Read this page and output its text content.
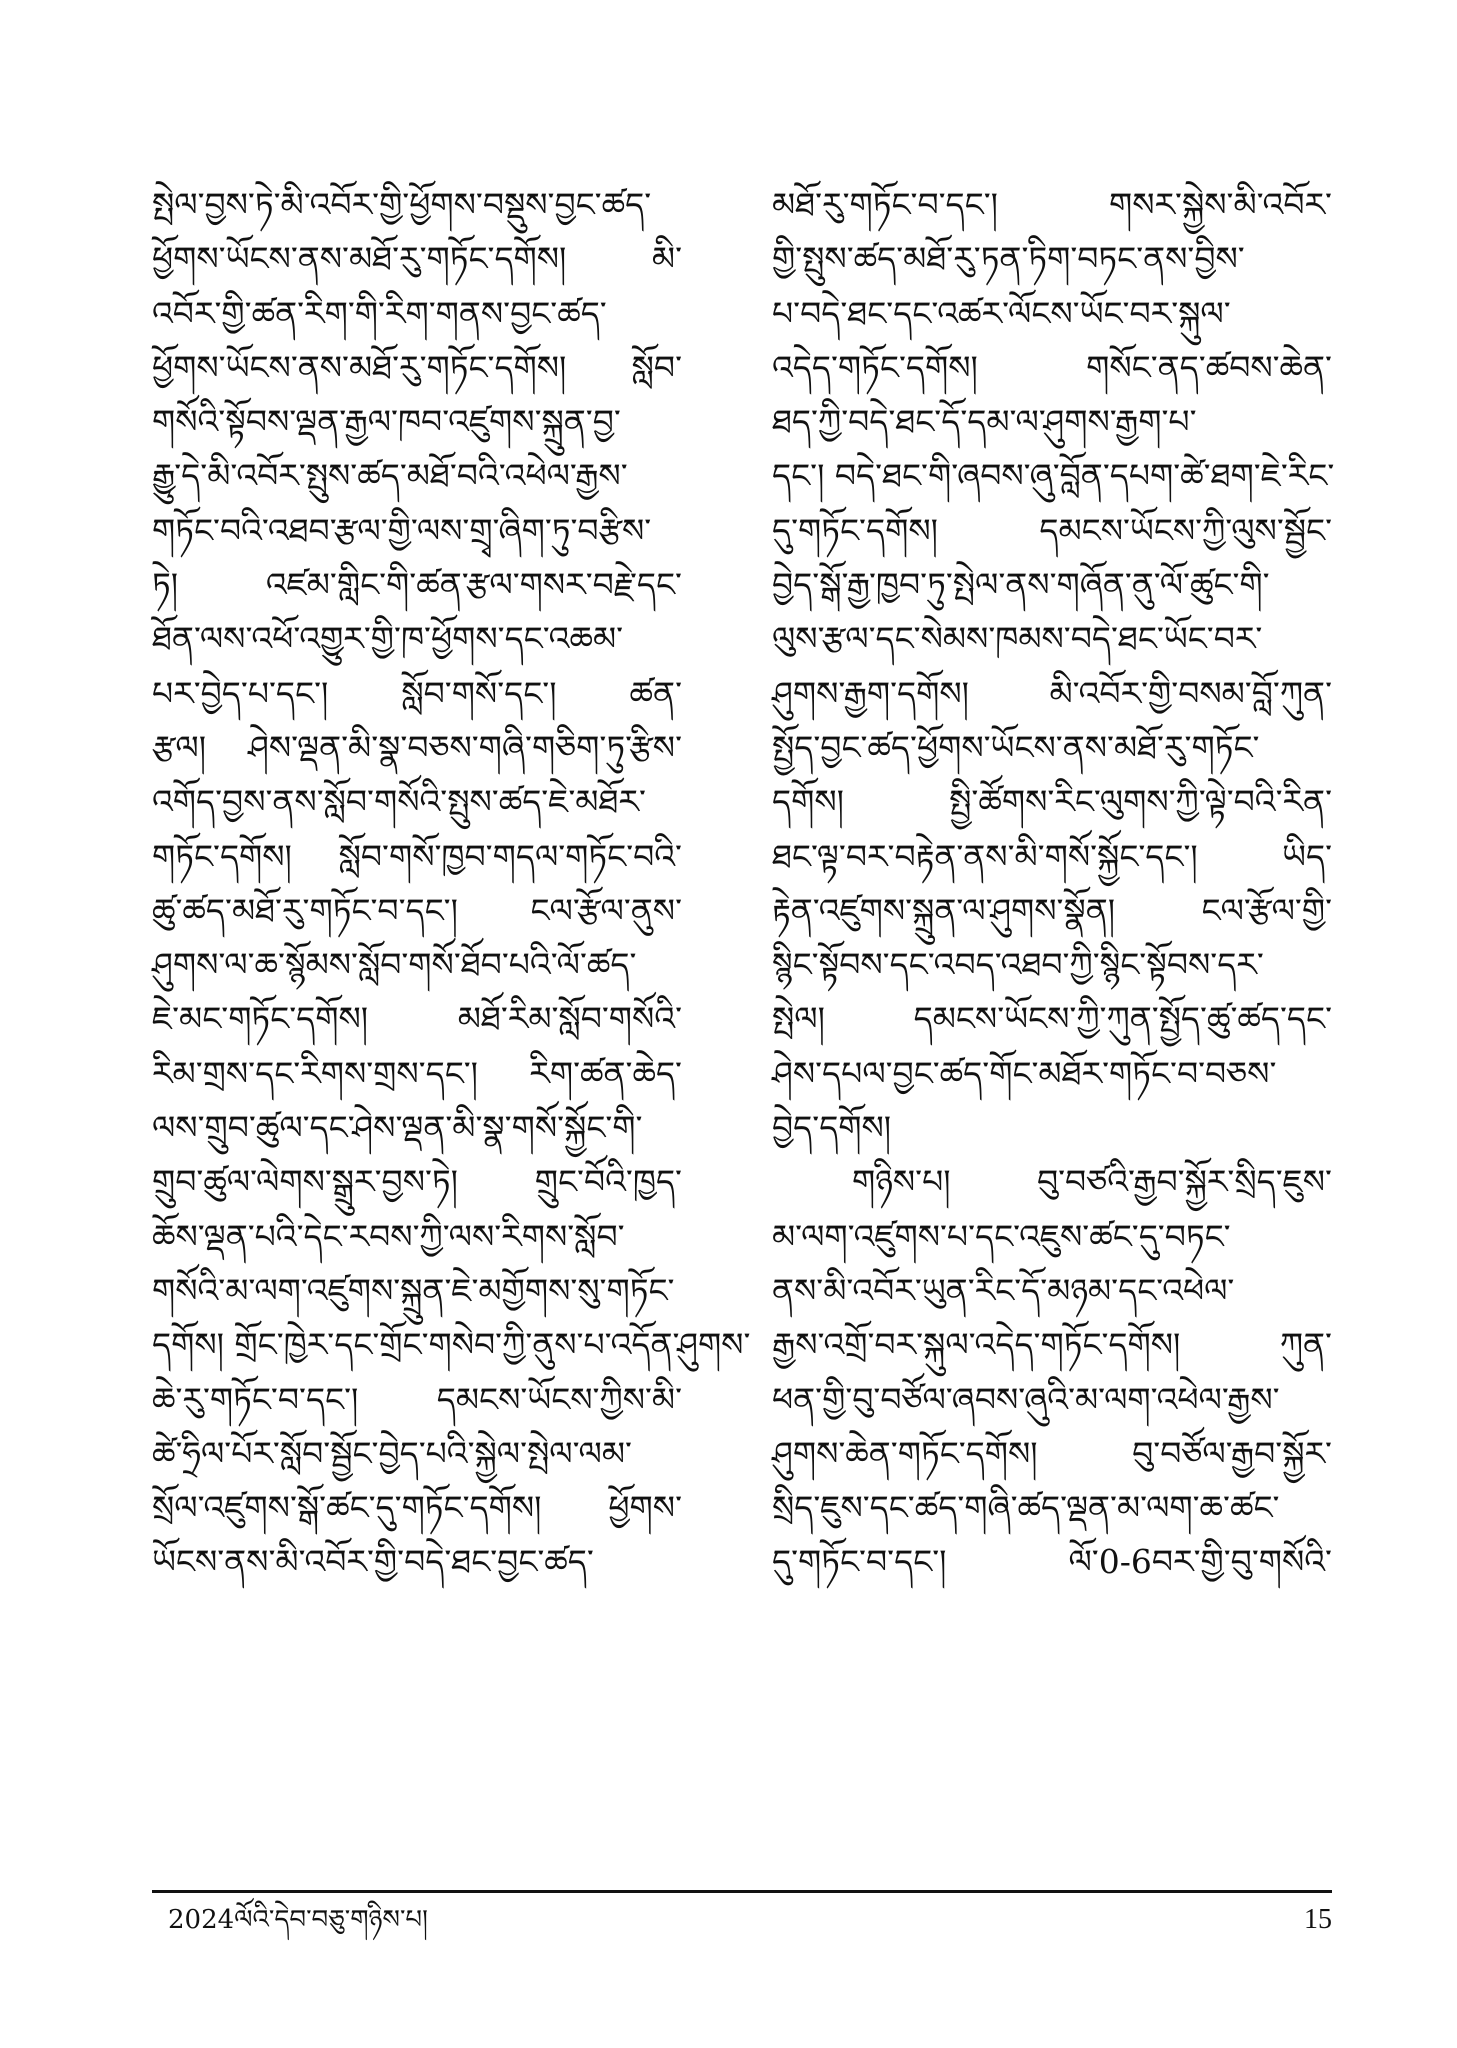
སྤེལ་བྱས་ཏེ་མི་འབོར་གྱི་ཕྱོགས་བསྡུས་བྱང་ཚད་
ཕྱོགས་ཡོངས་ནས་མཐོ་རུ་གཏོང་དགོས། མི་
འབོར་གྱི་ཚན་རིག་གི་རིག་གནས་བྱང་ཚད་
ཕྱོགས་ཡོངས་ནས་མཐོ་རུ་གཏོང་དགོས། སློབ་
གསོའི་སྟོབས་ལྡན་རྒྱལ་ཁབ་འཛུགས་སྐྲུན་བྱ་
རྒྱུ་དེ་མི་འབོར་སྤུས་ཚད་མཐོ་བའི་འཕེལ་རྒྱས་
གཏོང་བའི་འཐབ་རྩལ་གྱི་ལས་གྲྭ་ཞིག་ཏུ་བརྩིས་
ཏེ། འཛམ་གླིང་གི་ཚན་རྩལ་གསར་བརྗེ་དང་
ཐོན་ལས་འཕོ་འགྱུར་གྱི་ཁ་ཕྱོགས་དང་འཆམ་
པར་བྱེད་པ་དང་། སློབ་གསོ་དང་། ཚན་
རྩལ། ཤེས་ལྡན་མི་སྣ་བཅས་གཞི་གཅིག་ཏུ་རྩིས་
འགོད་བྱས་ནས་སློབ་གསོའི་སྤུས་ཚད་ཇེ་མཐོར་
གཏོང་དགོས། སློབ་གསོ་ཁྱབ་གདལ་གཏོང་བའི་
ཚུ་ཚད་མཐོ་རུ་གཏོང་བ་དང་། ངལ་རྩོལ་ནུས་
ཤུགས་ལ་ཆ་སྙོམས་སློབ་གསོ་ཐོབ་པའི་ལོ་ཚད་
ཇེ་མང་གཏོང་དགོས། མཐོ་རིམ་སློབ་གསོའི་
རིམ་གྲས་དང་རིགས་གྲས་དང་། རིག་ཚན་ཆེད་
ལས་གྲུབ་ཚུལ་དང་ཤེས་ལྡན་མི་སྣ་གསོ་སྐྱོང་གི་
གྲུབ་ཚུལ་ལེགས་སྒྲུར་བྱས་ཏེ། གྲུང་བོའི་ཁྱད་
ཆོས་ལྡན་པའི་དེང་རབས་ཀྱི་ལས་རིགས་སློབ་
གསོའི་མ་ལག་འཛུགས་སྐྲུན་ཇེ་མགྱོགས་སུ་གཏོང་
དགོས། གྲོང་ཁྱེར་དང་གྲོང་གསེབ་ཀྱི་ནུས་པ་འདོན་ཤུགས་
ཆེ་རུ་གཏོང་བ་དང་། དམངས་ཡོངས་ཀྱིས་མི་
ཚེ་ཧྲིལ་པོར་སློབ་སྦྱོང་བྱེད་པའི་སྐྱེལ་སྤེལ་ལམ་
སྲོལ་འཛུགས་སྒོ་ཚང་དུ་གཏོང་དགོས། ཕྱོགས་
ཡོངས་ནས་མི་འབོར་གྱི་བདེ་ཐང་བྱང་ཚད་
མཐོ་རུ་གཏོང་བ་དང་། གསར་སྐྱེས་མི་འབོར་
གྱི་སྤུས་ཚད་མཐོ་རུ་ཏན་ཏིག་བཏང་ནས་བྱིས་
པ་བདེ་ཐང་དང་འཚར་ལོངས་ཡོང་བར་སྐུལ་
འདེད་གཏོང་དགོས། གསོང་ནད་ཚབས་ཆེན་
ཐད་ཀྱི་བདེ་ཐང་དོ་དམ་ལ་ཤུགས་རྒྱག་པ་
དང་། བདེ་ཐང་གི་ཞབས་ཞུ་བློན་དཔག་ཚེ་ཐག་ཇེ་རིང་
དུ་གཏོང་དགོས། དམངས་ཡོངས་ཀྱི་ལུས་སྦྱོང་
བྱེད་སྒོ་རྒྱ་ཁྱབ་ཏུ་སྤེལ་ནས་གཞོན་ནུ་ལོ་ཚུང་གི་
ལུས་རྩལ་དང་སེམས་ཁམས་བདེ་ཐང་ཡོང་བར་
ཤུགས་རྒྱག་དགོས། མི་འབོར་གྱི་བསམ་བློ་ཀུན་
སྤྱོད་བྱང་ཚད་ཕྱོགས་ཡོངས་ནས་མཐོ་རུ་གཏོང་
དགོས། སྤྱི་ཚོགས་རིང་ལུགས་ཀྱི་ལྟེ་བའི་རིན་
ཐང་ལྟ་བར་བརྟེན་ནས་མི་གསོ་སྐྱོང་དང་། ཡིད་
རྟེན་འཛུགས་སྐྲུན་ལ་ཤུགས་སྣོན། ངལ་རྩོལ་གྱི་
སྙིང་སྟོབས་དང་འབད་འཐབ་ཀྱི་སྙིང་སྟོབས་དར་
སྤེལ། དམངས་ཡོངས་ཀྱི་ཀུན་སྤྱོད་ཚུ་ཚད་དང་
ཤེས་དཔལ་བྱང་ཚད་གོང་མཐོར་གཏོང་བ་བཅས་
བྱེད་དགོས།
གཉིས་པ། བུ་བཙའི་རྒྱབ་སྐྱོར་སྲིད་ཇུས་
མ་ལག་འཛུགས་པ་དང་འཇུས་ཚང་དུ་བཏང་
ནས་མི་འབོར་ཡུན་རིང་དོ་མཉམ་དང་འཕེལ་
རྒྱས་འགྲོ་བར་སྐུལ་འདེད་གཏོང་དགོས། ཀུན་
ཕན་གྱི་བུ་བཙོལ་ཞབས་ཞུའི་མ་ལག་འཕེལ་རྒྱས་
ཤུགས་ཆེན་གཏོང་དགོས། བུ་བཙོལ་རྒྱབ་སྐྱོར་
སྲིད་ཇུས་དང་ཚད་གཞི་ཚད་ལྡན་མ་ལག་ཆ་ཚང་
དུ་གཏོང་བ་དང་། ལོ་0-6བར་གྱི་བུ་གསོའི་
2024ལོའི་དེབ་བཅུ་གཉིས་པ།	15
